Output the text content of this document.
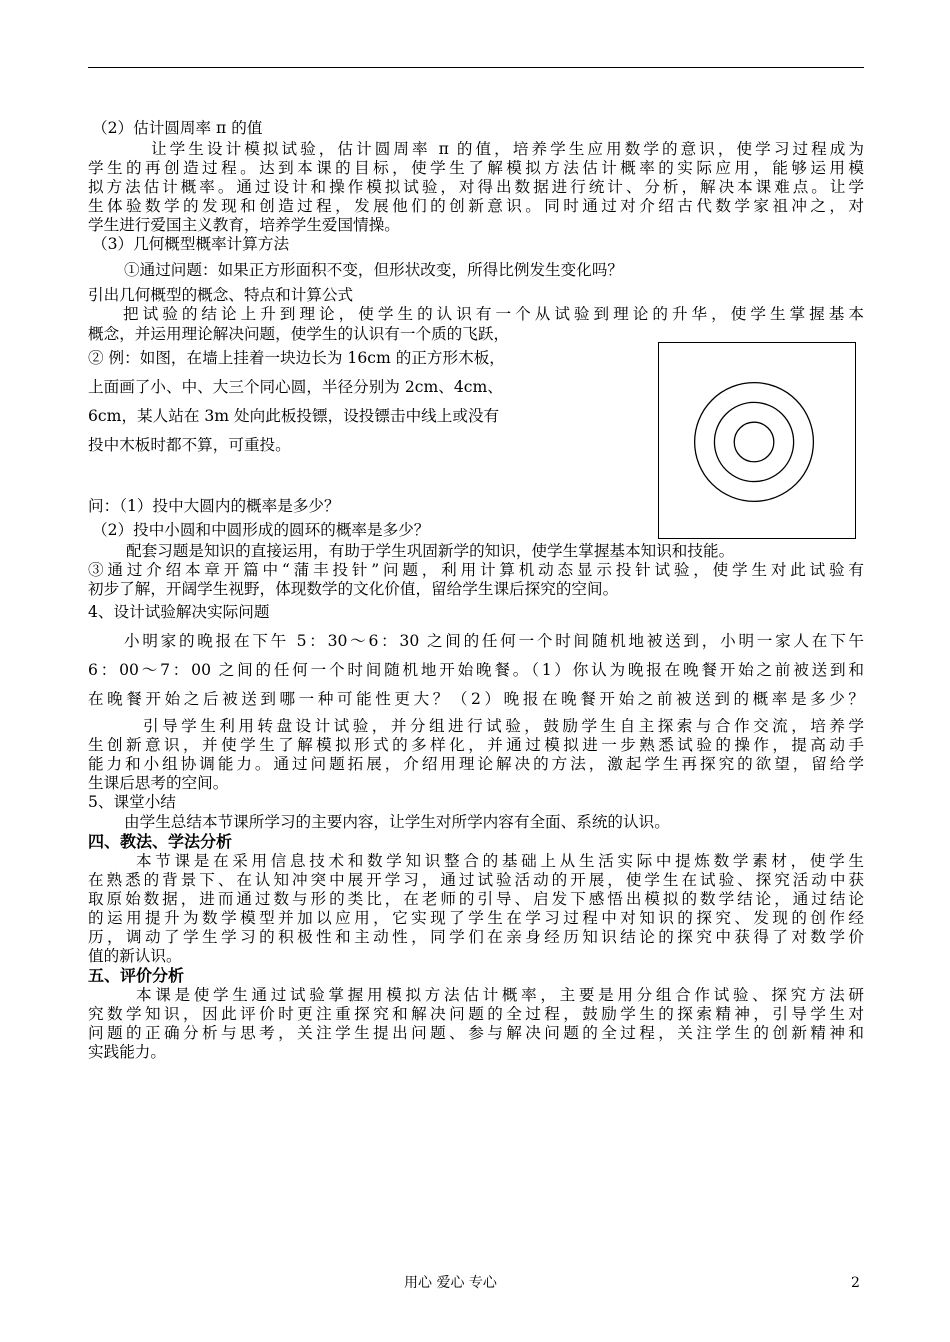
（2）估计圆周率 π 的值
让学生设计模拟试验，估计圆周率 π 的值，培养学生应用数学的意识，使学习过程成为
学生的再创造过程。达到本课的目标，使学生了解模拟方法估计概率的实际应用，能够运用模
拟方法估计概率。通过设计和操作模拟试验，对得出数据进行统计、分析，解决本课难点。让学
生体验数学的发现和创造过程，发展他们的创新意识。同时通过对介绍古代数学家祖冲之，对
学生进行爱国主义教育，培养学生爱国情操。
（3）几何概型概率计算方法
①通过问题：如果正方形面积不变，但形状改变，所得比例发生变化吗？
引出几何概型的概念、特点和计算公式
把试验的结论上升到理论，使学生的认识有一个从试验到理论的升华，使学生掌握基本
概念，并运用理论解决问题，使学生的认识有一个质的飞跃，
② 例：如图，在墙上挂着一块边长为 16cm 的正方形木板，
上面画了小、中、大三个同心圆，半径分别为 2cm、4cm、
6cm，某人站在 3m 处向此板投镖，设投镖击中线上或没有
投中木板时都不算，可重投。
问：（1）投中大圆内的概率是多少？
（2）投中小圆和中圆形成的圆环的概率是多少？
配套习题是知识的直接运用，有助于学生巩固新学的知识，使学生掌握基本知识和技能。
③通过介绍本章开篇中“蒲丰投针”问题，利用计算机动态显示投针试验，使学生对此试验有
初步了解，开阔学生视野，体现数学的文化价值，留给学生课后探究的空间。
4、设计试验解决实际问题
小明家的晚报在下午 5：30～6：30 之间的任何一个时间随机地被送到，小明一家人在下午
6：00～7：00 之间的任何一个时间随机地开始晚餐。（1）你认为晚报在晚餐开始之前被送到和
在晚餐开始之后被送到哪一种可能性更大？（2）晚报在晚餐开始之前被送到的概率是多少？
引导学生利用转盘设计试验，并分组进行试验，鼓励学生自主探索与合作交流，培养学
生创新意识，并使学生了解模拟形式的多样化，并通过模拟进一步熟悉试验的操作，提高动手
能力和小组协调能力。通过问题拓展，介绍用理论解决的方法，激起学生再探究的欲望，留给学
生课后思考的空间。
5、课堂小结
由学生总结本节课所学习的主要内容，让学生对所学内容有全面、系统的认识。
四、教法、学法分析
本节课是在采用信息技术和数学知识整合的基础上从生活实际中提炼数学素材，使学生
在熟悉的背景下、在认知冲突中展开学习，通过试验活动的开展，使学生在试验、探究活动中获
取原始数据，进而通过数与形的类比，在老师的引导、启发下感悟出模拟的数学结论，通过结论
的运用提升为数学模型并加以应用，它实现了学生在学习过程中对知识的探究、发现的创作经
历，调动了学生学习的积极性和主动性，同学们在亲身经历知识结论的探究中获得了对数学价
值的新认识。
五、评价分析
本课是使学生通过试验掌握用模拟方法估计概率，主要是用分组合作试验、探究方法研
究数学知识，因此评价时更注重探究和解决问题的全过程，鼓励学生的探索精神，引导学生对
问题的正确分析与思考，关注学生提出问题、参与解决问题的全过程，关注学生的创新精神和
实践能力。
用心 爱心 专心	2
